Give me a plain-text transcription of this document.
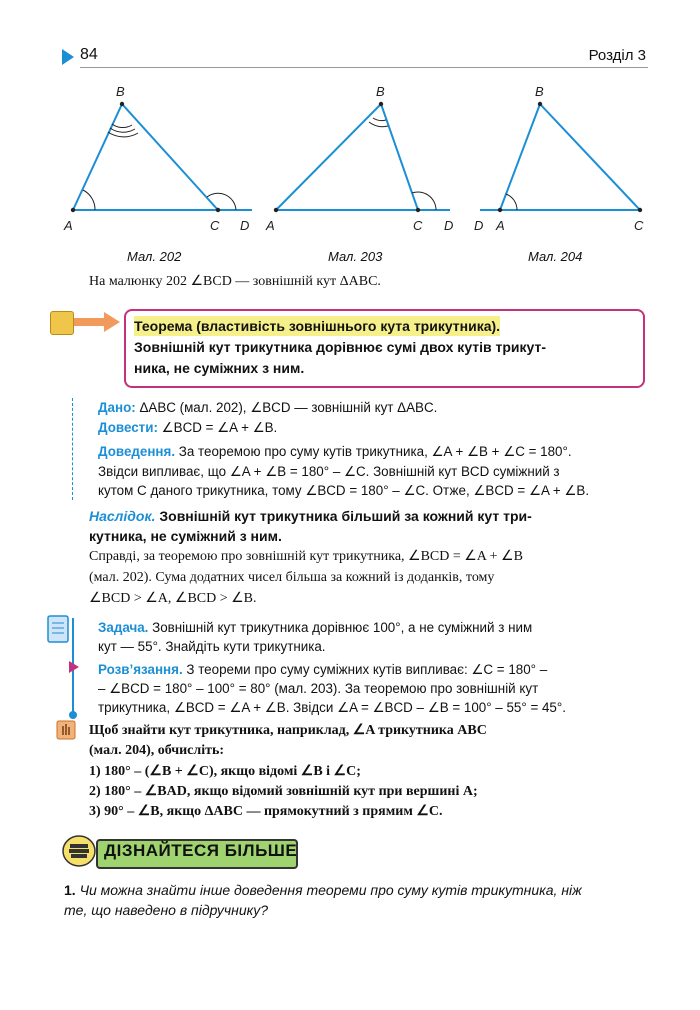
84	Розділ 3
B
A	C D
B
A	C D
B
D A	C
Мал. 202	Мал. 203	Мал. 204
На малюнку 202 ∠BCD — зовнішній кут ΔABC.
Теорема (властивість зовнішнього кута трикутника).
Зовнішній кут трикутника дорівнює сумі двох кутів трикут-
ника, не суміжних з ним.
Дано: ΔABC (мал. 202), ∠BCD — зовнішній кут ΔABC.
Довести: ∠BCD = ∠A + ∠B.
Доведення. За теоремою про суму кутів трикутника, ∠A + ∠B + ∠C = 180°.
Звідси випливає, що ∠A + ∠B = 180° – ∠C. Зовнішній кут BCD суміжний з
кутом C даного трикутника, тому ∠BCD = 180° – ∠C. Отже, ∠BCD = ∠A + ∠B.
Наслідок. Зовнішній кут трикутника більший за кожний кут три-
кутника, не суміжний з ним.
Справді, за теоремою про зовнішній кут трикутника, ∠BCD = ∠A + ∠B
(мал. 202). Сума додатних чисел більша за кожний із доданків, тому
∠BCD > ∠A, ∠BCD > ∠B.
Задача. Зовнішній кут трикутника дорівнює 100°, а не суміжний з ним
кут — 55°. Знайдіть кути трикутника.
Розв’язання. З теореми про суму суміжних кутів випливає: ∠C = 180° –
– ∠BCD = 180° – 100° = 80° (мал. 203). За теоремою про зовнішній кут
трикутника, ∠BCD = ∠A + ∠B. Звідси ∠A = ∠BCD – ∠B = 100° – 55° = 45°.
Щоб знайти кут трикутника, наприклад, ∠A трикутника ABC
(мал. 204), обчисліть:
1) 180° – (∠B + ∠C), якщо відомі ∠B і ∠C;
2) 180° – ∠BAD, якщо відомий зовнішній кут при вершині A;
3) 90° – ∠B, якщо ΔABC — прямокутний з прямим ∠C.
ДІЗНАЙТЕСЯ БІЛЬШЕ
1. Чи можна знайти інше доведення теореми про суму кутів трикутника, ніж
те, що наведено в підручнику?
